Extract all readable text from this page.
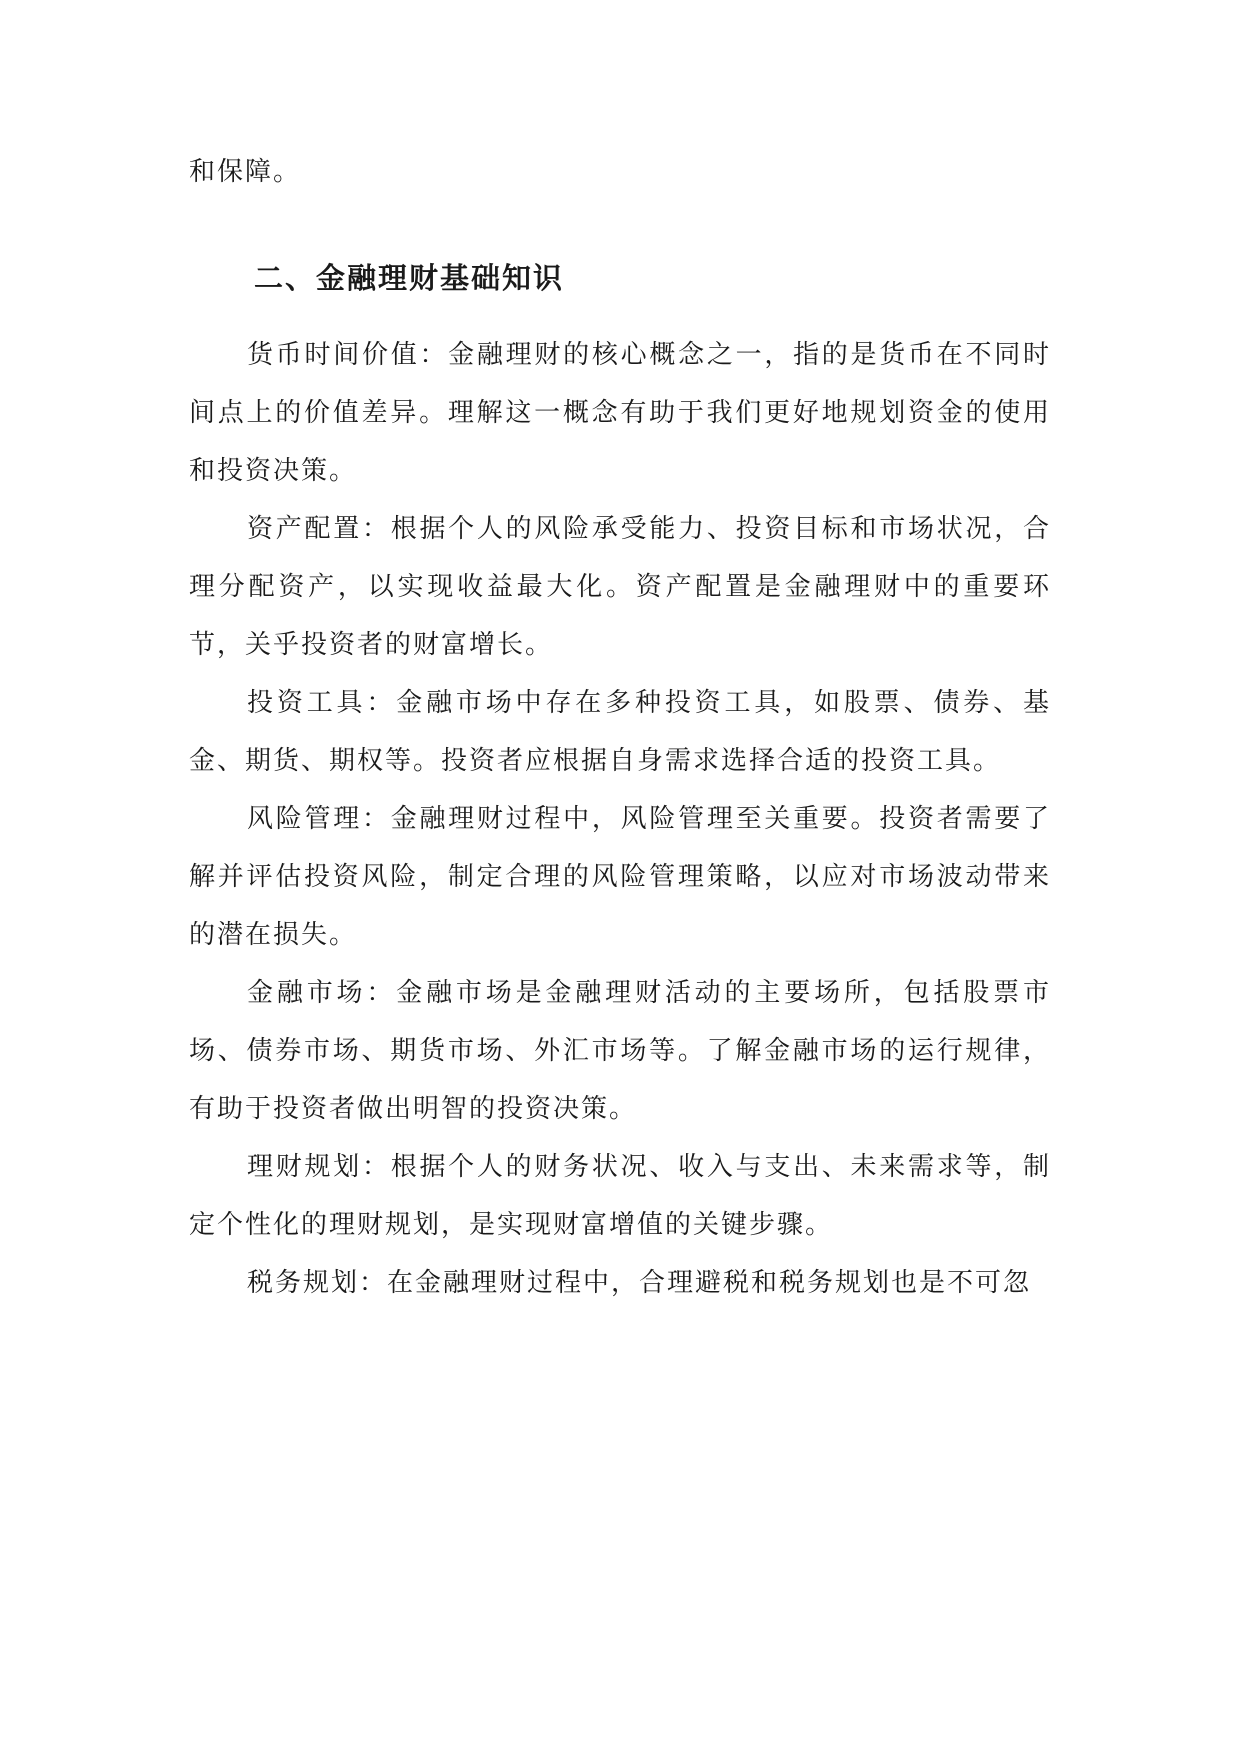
和保障。

二、金融理财基础知识

货币时间价值：金融理财的核心概念之一，指的是货币在不同时间点上的价值差异。理解这一概念有助于我们更好地规划资金的使用和投资决策。

资产配置：根据个人的风险承受能力、投资目标和市场状况，合理分配资产，以实现收益最大化。资产配置是金融理财中的重要环节，关乎投资者的财富增长。

投资工具：金融市场中存在多种投资工具，如股票、债券、基金、期货、期权等。投资者应根据自身需求选择合适的投资工具。

风险管理：金融理财过程中，风险管理至关重要。投资者需要了解并评估投资风险，制定合理的风险管理策略，以应对市场波动带来的潜在损失。

金融市场：金融市场是金融理财活动的主要场所，包括股票市场、债券市场、期货市场、外汇市场等。了解金融市场的运行规律，有助于投资者做出明智的投资决策。

理财规划：根据个人的财务状况、收入与支出、未来需求等，制定个性化的理财规划，是实现财富增值的关键步骤。

税务规划：在金融理财过程中，合理避税和税务规划也是不可忽
